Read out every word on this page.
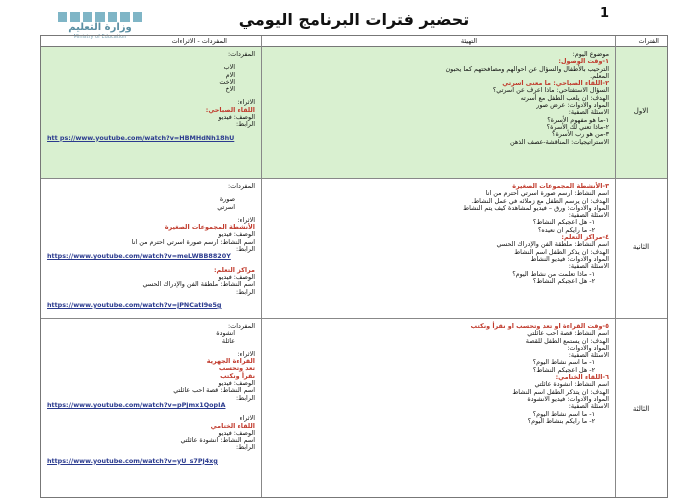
1
تحضير فترات البرنامج اليومي
وزارة التعليم
Ministry of Education	الفترات
التهيئة
المفردات - الاثراءات
الاول
موضوع اليوم:
١-وقت الوصول:
الترحيب بالأطفال والسؤال عن احوالهم ومصافحتهم كما يحبون
المعلم.
٢-اللقاء الصباحي: ما معنى اسرتي
السؤال الاستفتاحي: ماذا اعرف عن اسرتي؟
الهدف: ان يلعب الطفل مع أسرته
المواد والادوات: عرض صور
الاسئلة الصفية:
١-ما هو مفهوم الأسرة؟
٢-ماذا تعني لك الأسرة؟
٣-من هو رب الأسرة؟
الاستراتيجيات: المناقشة-عصف الذهن
المفردات:
الاب
الام
الاخت
الاخ
الاثراء:
اللقاء الصباحي:
الوصف: فيديو
الرابط:
htt ps://www.youtube.com/watch?v=HBMHdNh18hU
الثانية
٣-الأنشطة المجموعات الصغيرة
اسم النشاط: ارسم صورة اسرتي احترم من انا
الهدف: ان يرسم الطفل مع زملائه في عمل النشاط.
المواد والادوات: ورق – فيديو لمشاهدة كيف يتم النشاط
الاسئلة الصفية:
١- هل اعجبكم النشاط؟
٢- ما رايكم ان نعيده؟
٤-مراكز التعلم:
اسم النشاط: ملطقة الفن والإدراك الحسي
الهدف: ان يذكر الطفل اسم النشاط
المواد والادوات: فيديو النشاط
الاسئلة الصفية:
١- ماذا تعلمت من نشاط اليوم؟
٢- هل اعجبكم النشاط؟
المفردات:
صورة
اسرتي
الاثراء:
الأنشطة المجموعات الصغيرة
الوصف: فيديو
اسم النشاط: ارسم صورة اسرتي احترم من انا
الرابط:
https://www.youtube.com/watch?v=meLWBB8820Y
مراكز التعلم:
الوصف: فيديو
اسم النشاط: ملطقة الفن والإدراك الحسي
الرابط:
https://www.youtube.com/watch?v=jPNCatI9e5g
الثالثة
٥-وقت القراءة او تعد وتحسب او نقرأ ونكتب
اسم النشاط: قصة احب عائلتي
الهدف: ان يستمع الطفل للقصة
المواد والادوات:
الاسئلة الصفية:
١- ما اسم نشاط اليوم؟
٢- هل اعجبكم النشاط؟
٦-اللقاء الختامي:
اسم النشاط: انشودة عائلتي
الهدف: ان يتذكر الطفل اسم النشاط
المواد والادوات: فيديو الانشودة
الاسئلة الصفية:
١- ما اسم نشاط اليوم؟
٢- ما رايكم بنشاط اليوم؟
المفردات:
انشودة
عائلة
الاثراء:
القراءة الجهرية
تعد وتحسب
نقرأ ونكتب
الوصف: فيديو
اسم النشاط: قصة احب عائلتي
الرابط:
https://www.youtube.com/watch?v=pPjmx1QopIA
الاثراء
اللقاء الختامي
الوصف: فيديو
اسم النشاط: انشودة عائلتي
الرابط:
https://www.youtube.com/watch?v=yU_s7Pj4xg
